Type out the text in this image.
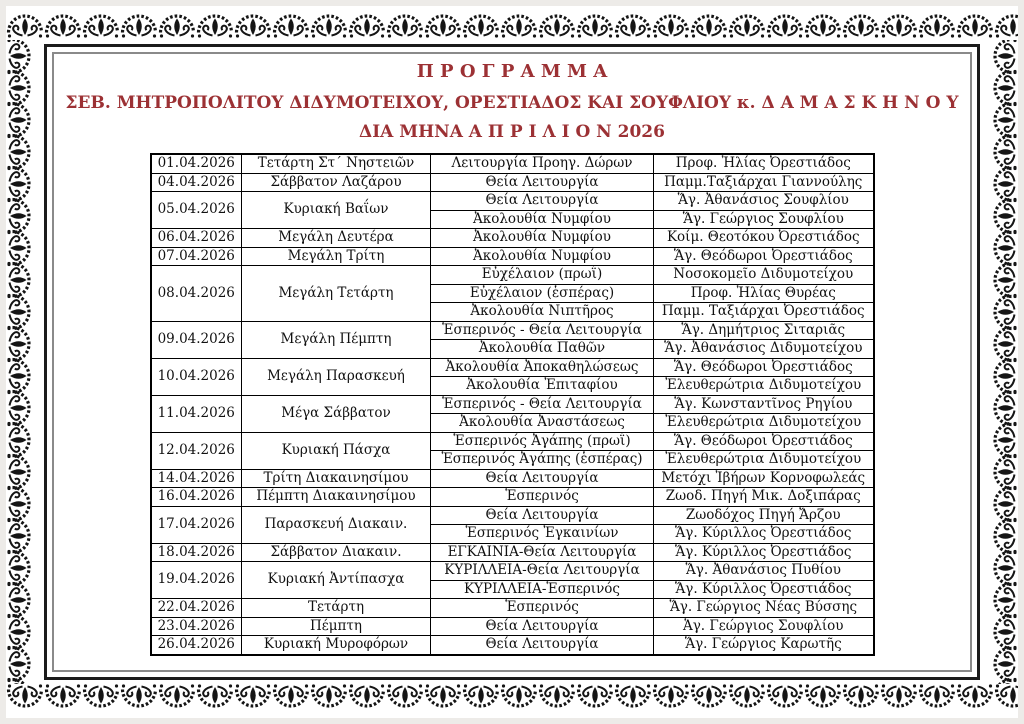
Π Ρ Ο Γ Ρ Α Μ Μ Α
ΣΕΒ. ΜΗΤΡΟΠΟΛΙΤΟΥ ΔΙΔΥΜΟΤΕΙΧΟΥ, ΟΡΕΣΤΙΑΔΟΣ ΚΑΙ ΣΟΥΦΛΙΟΥ κ. Δ Α Μ Α Σ Κ Η Ν Ο Υ
ΔΙΑ ΜΗΝΑ Α Π Ρ Ι Λ Ι Ο Ν 2026
01.04.2026	Τετάρτη Στ΄ Νηστειῶν	Λειτουργία Προηγ. Δώρων	Προφ. Ἠλίας Ὀρεστιάδος
04.04.2026	Σάββατον Λαζάρου	Θεία Λειτουργία	Παμμ.Ταξιάρχαι Γιαννούλης
05.04.2026	Κυριακή Βαΐων	Θεία Λειτουργία	Ἅγ. Ἀθανάσιος Σουφλίου
		Ἀκολουθία Νυμφίου	Ἅγ. Γεώργιος Σουφλίου
06.04.2026	Μεγάλη Δευτέρα	Ἀκολουθία Νυμφίου	Κοίμ. Θεοτόκου Ὀρεστιάδος
07.04.2026	Μεγάλη Τρίτη	Ἀκολουθία Νυμφίου	Ἅγ. Θεόδωροι Ὀρεστιάδος
08.04.2026	Μεγάλη Τετάρτη	Εὐχέλαιον (πρωΐ)	Νοσοκομεῖο Διδυμοτείχου
		Εὐχέλαιον (ἑσπέρας)	Προφ. Ἠλίας Θυρέας
		Ἀκολουθία Νιπτῆρος	Παμμ. Ταξιάρχαι Ὀρεστιάδος
09.04.2026	Μεγάλη Πέμπτη	Ἑσπερινός - Θεία Λειτουργία	Ἅγ. Δημήτριος Σιταριᾶς
		Ἀκολουθία Παθῶν	Ἅγ. Ἀθανάσιος Διδυμοτείχου
10.04.2026	Μεγάλη Παρασκευή	Ἀκολουθία Ἀποκαθηλώσεως	Ἅγ. Θεόδωροι Ὀρεστιάδος
		Ἀκολουθία Ἐπιταφίου	Ἐλευθερώτρια Διδυμοτείχου
11.04.2026	Μέγα Σάββατον	Ἑσπερινός - Θεία Λειτουργία	Ἅγ. Κωνσταντῖνος Ρηγίου
		Ἀκολουθία Ἀναστάσεως	Ἐλευθερώτρια Διδυμοτείχου
12.04.2026	Κυριακή Πάσχα	Ἑσπερινός Ἀγάπης (πρωΐ)	Ἅγ. Θεόδωροι Ὀρεστιάδος
		Ἑσπερινός Ἀγάπης (ἑσπέρας)	Ἐλευθερώτρια Διδυμοτείχου
14.04.2026	Τρίτη Διακαινησίμου	Θεία Λειτουργία	Μετόχι Ἰβήρων Κορνοφωλεάς
16.04.2026	Πέμπτη Διακαινησίμου	Ἑσπερινός	Ζωοδ. Πηγή Μικ. Δοξιπάρας
17.04.2026	Παρασκευή Διακαιν.	Θεία Λειτουργία	Ζωοδόχος Πηγή Ἄρζου
		Ἑσπερινός Ἐγκαινίων	Ἅγ. Κύριλλος Ὀρεστιάδος
18.04.2026	Σάββατον Διακαιν.	ΕΓΚΑΙΝΙΑ-Θεία Λειτουργία	Ἅγ. Κύριλλος Ὀρεστιάδος
19.04.2026	Κυριακή Ἀντίπασχα	ΚΥΡΙΛΛΕΙΑ-Θεία Λειτουργία	Ἅγ. Ἀθανάσιος Πυθίου
		ΚΥΡΙΛΛΕΙΑ-Ἑσπερινός	Ἅγ. Κύριλλος Ὀρεστιάδος
22.04.2026	Τετάρτη	Ἑσπερινός	Ἅγ. Γεώργιος Νέας Βύσσης
23.04.2026	Πέμπτη	Θεία Λειτουργία	Ἁγ. Γεώργιος Σουφλίου
26.04.2026	Κυριακή Μυροφόρων	Θεία Λειτουργία	Ἅγ. Γεώργιος Καρωτῆς
